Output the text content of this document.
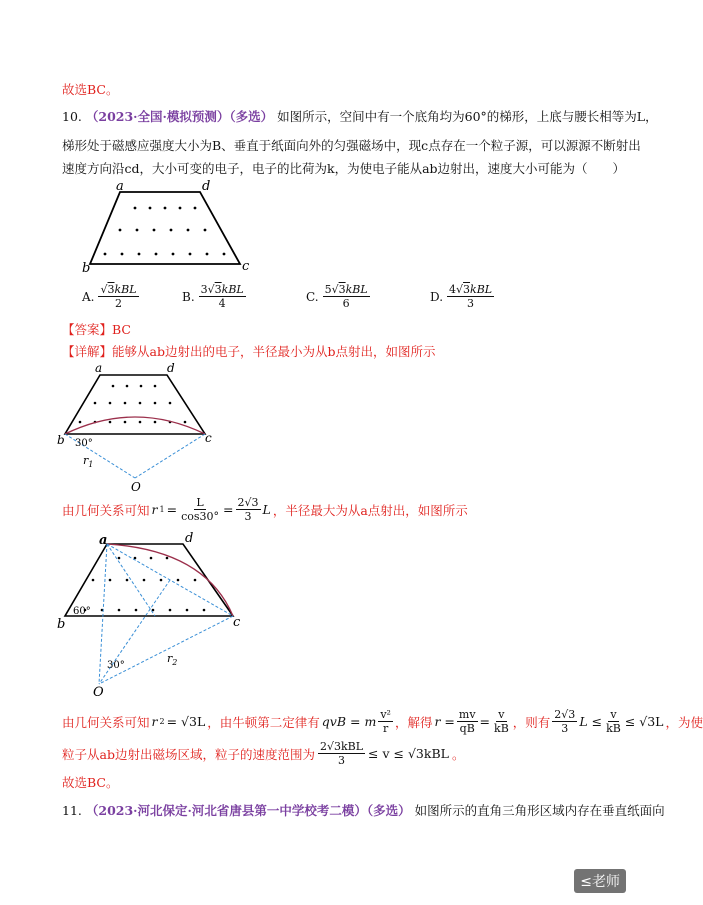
故选BC。
10. （2023·全国·模拟预测）（多选） 如图所示，空间中有一个底角均为60°的梯形，上底与腰长相等为L，
梯形处于磁感应强度大小为B、垂直于纸面向外的匀强磁场中，现c点存在一个粒子源，可以源源不断射出
速度方向沿cd，大小可变的电子，电子的比荷为k，为使电子能从ab边射出，速度大小可能为（　　）
a	d
b	c
A. $\frac{\text{√3kBL}}{2}$	B. $\frac{\text{3√3kBL}}{4}$	C. $\frac{\text{5√3kBL}}{6}$	D. $\frac{\text{4√3kBL}}{3}$
【答案】BC
【详解】能够从ab边射出的电子，半径最小为从b点射出，如图所示
a	d
b	c
30°
$r_1$
O
由几何关系可知 r $1 = \frac{L}{\cos 30^\circ} = \frac{2√3}{3}$ L ，半径最大为从a点射出，如图所示
a	d
b	c
60°
30°
$r_2$
O
由几何关系可知 r 2 = √3L ，由牛顿第二定律有 qvB = m $\frac{\text{v²}}{r}$ ，解得 $r = \frac{mv}{qB} = \frac{v}{kB}$ ，则有 $\frac{2√3}{3}$ $L \le \frac{v}{kB} \le √3L$ ，为使
粒子从ab边射出磁场区域，粒子的速度范围为 $\frac{\text{2√3kBL}}{3} \le v \le √3kBL$ 。
故选BC。
11. （2023·河北保定·河北省唐县第一中学校考二模）（多选） 如图所示的直角三角形区域内存在垂直纸面向
≤老师
